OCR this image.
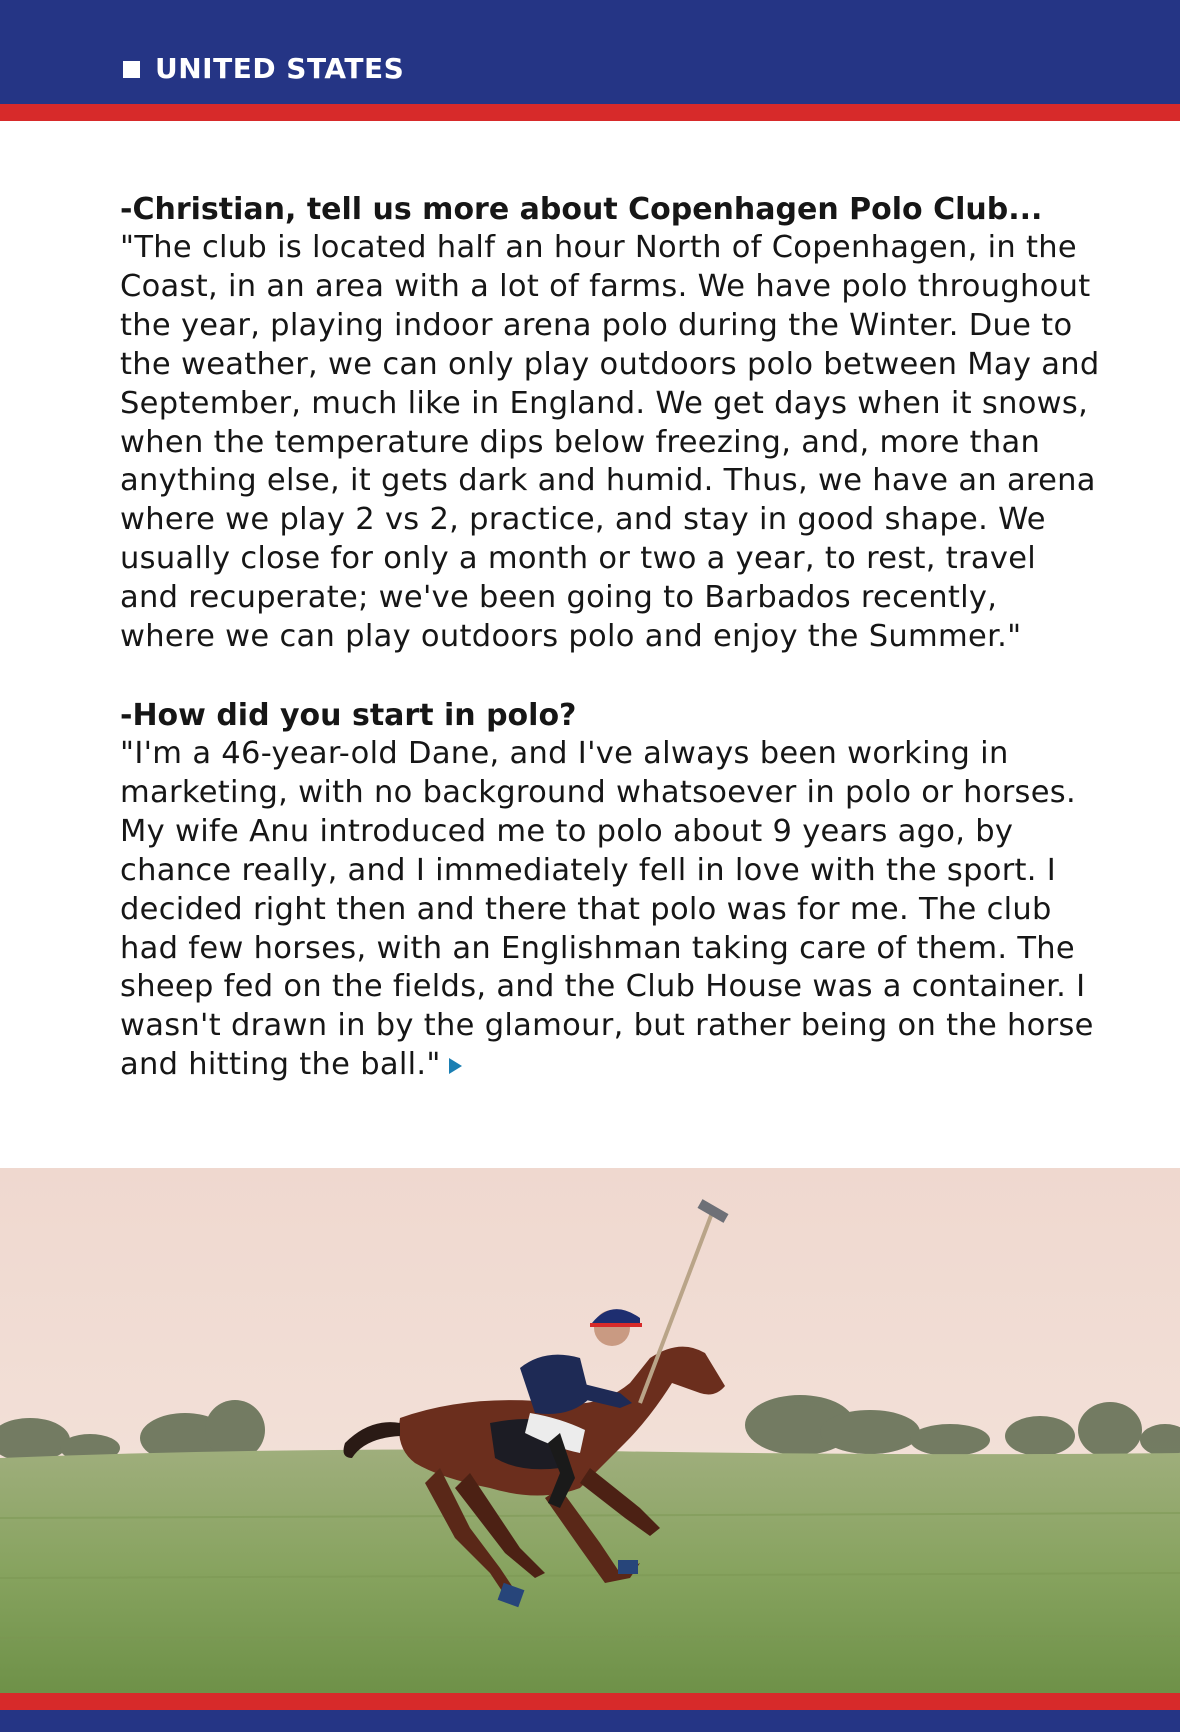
UNITED STATES

-Christian, tell us more about Copenhagen Polo Club...

"The club is located half an hour North of Copenhagen, in the Coast, in an area with a lot of farms. We have polo throughout the year, playing indoor arena polo during the Winter. Due to the weather, we can only play outdoors polo between May and September, much like in England. We get days when it snows, when the temperature dips below freezing, and, more than anything else, it gets dark and humid. Thus, we have an arena where we play 2 vs 2, practice, and stay in good shape. We usually close for only a month or two a year, to rest, travel and recuperate; we've been going to Barbados recently, where we can play outdoors polo and enjoy the Summer."

-How did you start in polo?

"I'm a 46-year-old Dane, and I've always been working in marketing, with no background whatsoever in polo or horses. My wife Anu introduced me to polo about 9 years ago, by chance really, and I immediately fell in love with the sport. I decided right then and there that polo was for me. The club had few horses, with an Englishman taking care of them. The sheep fed on the fields, and the Club House was a container. I wasn't drawn in by the glamour, but rather being on the horse and hitting the ball."
